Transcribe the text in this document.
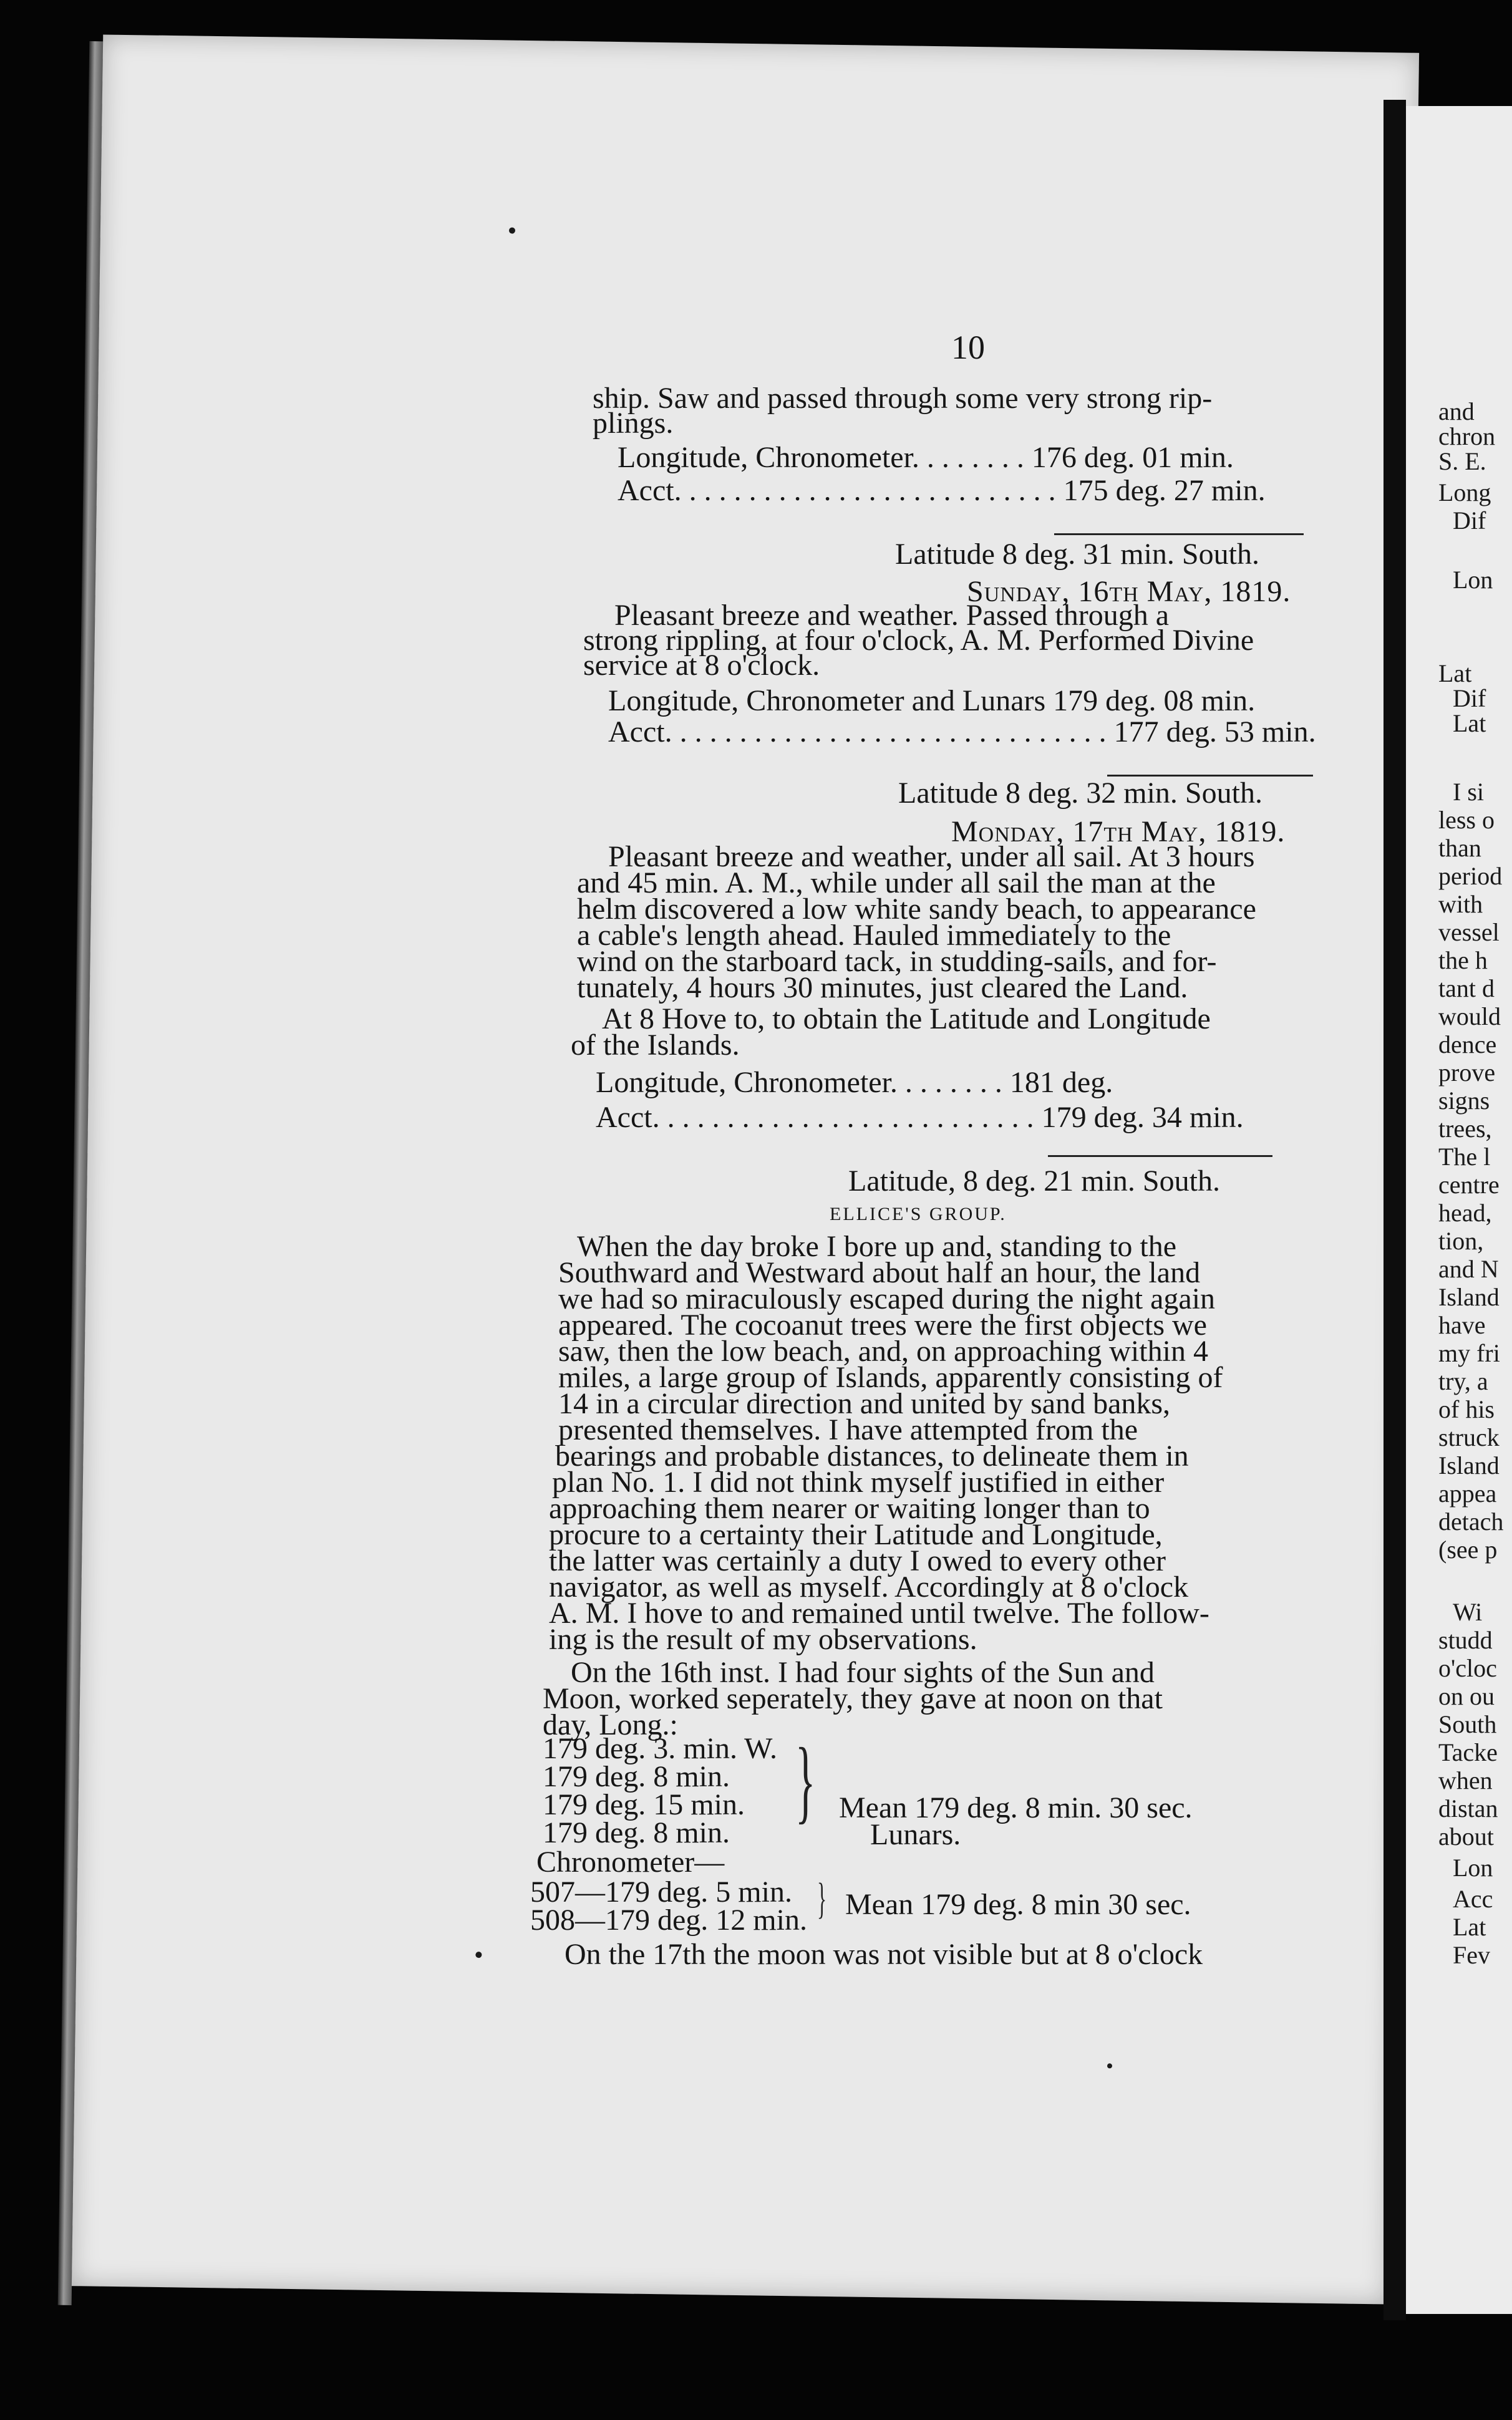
and
chron
S. E.
Long
Dif
Lon
Lat
Dif
Lat
I si
less o
than
period
with
vessel
the h
tant d
would
dence
prove
signs
trees,
The l
centre
head,
tion,
and N
Island
have
my fri
try, a
of his
struck
Island
appea
detach
(see p
Wi
studd
o'cloc
on ou
South
Tacke
when
distan
about
Lon
Acc
Lat
Fev
10
ship. Saw and passed through some very strong rip-
plings.
Longitude, Chronometer. . . . . . . . 176 deg. 01 min.
Acct. . . . . . . . . . . . . . . . . . . . . . . . . . 175 deg. 27 min.
Latitude 8 deg. 31 min. South.
Sunday, 16th May, 1819.
Pleasant breeze and weather. Passed through a
strong rippling, at four o'clock, A. M. Performed Divine
service at 8 o'clock.
Longitude, Chronometer and Lunars 179 deg. 08 min.
Acct. . . . . . . . . . . . . . . . . . . . . . . . . . . . . . 177 deg. 53 min.
Latitude 8 deg. 32 min. South.
Monday, 17th May, 1819.
Pleasant breeze and weather, under all sail. At 3 hours
and 45 min. A. M., while under all sail the man at the
helm discovered a low white sandy beach, to appearance
a cable's length ahead. Hauled immediately to the
wind on the starboard tack, in studding-sails, and for-
tunately, 4 hours 30 minutes, just cleared the Land.
At 8 Hove to, to obtain the Latitude and Longitude
of the Islands.
Longitude, Chronometer. . . . . . . . 181 deg.
Acct. . . . . . . . . . . . . . . . . . . . . . . . . . 179 deg. 34 min.
Latitude, 8 deg. 21 min. South.
ELLICE'S GROUP.
When the day broke I bore up and, standing to the
Southward and Westward about half an hour, the land
we had so miraculously escaped during the night again
appeared. The cocoanut trees were the first objects we
saw, then the low beach, and, on approaching within 4
miles, a large group of Islands, apparently consisting of
14 in a circular direction and united by sand banks,
presented themselves. I have attempted from the
bearings and probable distances, to delineate them in
plan No. 1. I did not think myself justified in either
approaching them nearer or waiting longer than to
procure to a certainty their Latitude and Longitude,
the latter was certainly a duty I owed to every other
navigator, as well as myself. Accordingly at 8 o'clock
A. M. I hove to and remained until twelve. The follow-
ing is the result of my observations.
On the 16th inst. I had four sights of the Sun and
Moon, worked seperately, they gave at noon on that
day, Long.:
179 deg. 3. min. W.
179 deg. 8 min.
179 deg. 15 min.
179 deg. 8 min.
} Mean 179 deg. 8 min. 30 sec.
Lunars.
Chronometer—
507—179 deg. 5 min.
508—179 deg. 12 min. } Mean 179 deg. 8 min 30 sec.
On the 17th the moon was not visible but at 8 o'clock
